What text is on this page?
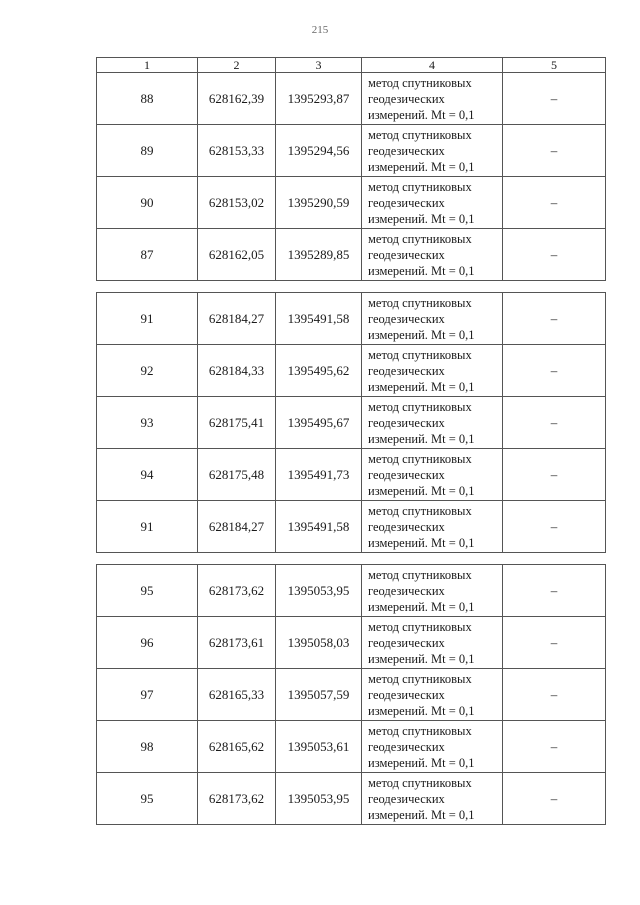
215
1	2	3	4	5
88	628162,39	1395293,87	метод спутниковых
геодезических
измерений. Mt = 0,1	–
89	628153,33	1395294,56	метод спутниковых
геодезических
измерений. Mt = 0,1	–
90	628153,02	1395290,59	метод спутниковых
геодезических
измерений. Mt = 0,1	–
87	628162,05	1395289,85	метод спутниковых
геодезических
измерений. Mt = 0,1	–

91	628184,27	1395491,58	метод спутниковых
геодезических
измерений. Mt = 0,1	–
92	628184,33	1395495,62	метод спутниковых
геодезических
измерений. Mt = 0,1	–
93	628175,41	1395495,67	метод спутниковых
геодезических
измерений. Mt = 0,1	–
94	628175,48	1395491,73	метод спутниковых
геодезических
измерений. Mt = 0,1	–
91	628184,27	1395491,58	метод спутниковых
геодезических
измерений. Mt = 0,1	–

95	628173,62	1395053,95	метод спутниковых
геодезических
измерений. Mt = 0,1	–
96	628173,61	1395058,03	метод спутниковых
геодезических
измерений. Mt = 0,1	–
97	628165,33	1395057,59	метод спутниковых
геодезических
измерений. Mt = 0,1	–
98	628165,62	1395053,61	метод спутниковых
геодезических
измерений. Mt = 0,1	–
95	628173,62	1395053,95	метод спутниковых
геодезических
измерений. Mt = 0,1	–
